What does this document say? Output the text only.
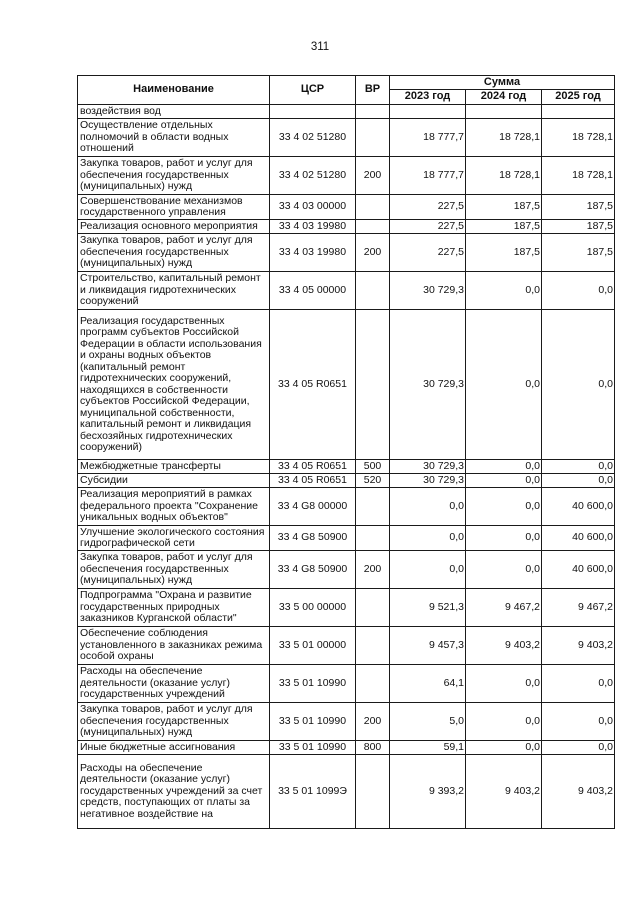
311
Наименование	ЦСР	ВР	Сумма		
			2023 год	2024 год	2025 год
воздействия вод					
Осуществление отдельных полномочий в области водных отношений	33 4 02 51280		18 777,7	18 728,1	18 728,1
Закупка товаров, работ и услуг для обеспечения государственных (муниципальных) нужд	33 4 02 51280	200	18 777,7	18 728,1	18 728,1
Совершенствование механизмов государственного управления	33 4 03 00000		227,5	187,5	187,5
Реализация основного мероприятия	33 4 03 19980		227,5	187,5	187,5
Закупка товаров, работ и услуг для обеспечения государственных (муниципальных) нужд	33 4 03 19980	200	227,5	187,5	187,5
Строительство, капитальный ремонт и ликвидация гидротехнических сооружений	33 4 05 00000		30 729,3	0,0	0,0
Реализация государственных программ субъектов Российской Федерации в области использования и охраны водных объектов (капитальный ремонт гидротехнических сооружений, находящихся в собственности субъектов Российской Федерации, муниципальной собственности, капитальный ремонт и ликвидация бесхозяйных гидротехнических сооружений)	33 4 05 R0651		30 729,3	0,0	0,0
Межбюджетные трансферты	33 4 05 R0651	500	30 729,3	0,0	0,0
Субсидии	33 4 05 R0651	520	30 729,3	0,0	0,0
Реализация мероприятий в рамках федерального проекта "Сохранение уникальных водных объектов"	33 4 G8 00000		0,0	0,0	40 600,0
Улучшение экологического состояния гидрографической сети	33 4 G8 50900		0,0	0,0	40 600,0
Закупка товаров, работ и услуг для обеспечения государственных (муниципальных) нужд	33 4 G8 50900	200	0,0	0,0	40 600,0
Подпрограмма "Охрана и развитие государственных природных заказников Курганской области"	33 5 00 00000		9 521,3	9 467,2	9 467,2
Обеспечение соблюдения установленного в заказниках режима особой охраны	33 5 01 00000		9 457,3	9 403,2	9 403,2
Расходы на обеспечение деятельности (оказание услуг) государственных учреждений	33 5 01 10990		64,1	0,0	0,0
Закупка товаров, работ и услуг для обеспечения государственных (муниципальных) нужд	33 5 01 10990	200	5,0	0,0	0,0
Иные бюджетные ассигнования	33 5 01 10990	800	59,1	0,0	0,0
Расходы на обеспечение деятельности (оказание услуг) государственных учреждений за счет средств, поступающих от платы за негативное воздействие на	33 5 01 1099Э		9 393,2	9 403,2	9 403,2
